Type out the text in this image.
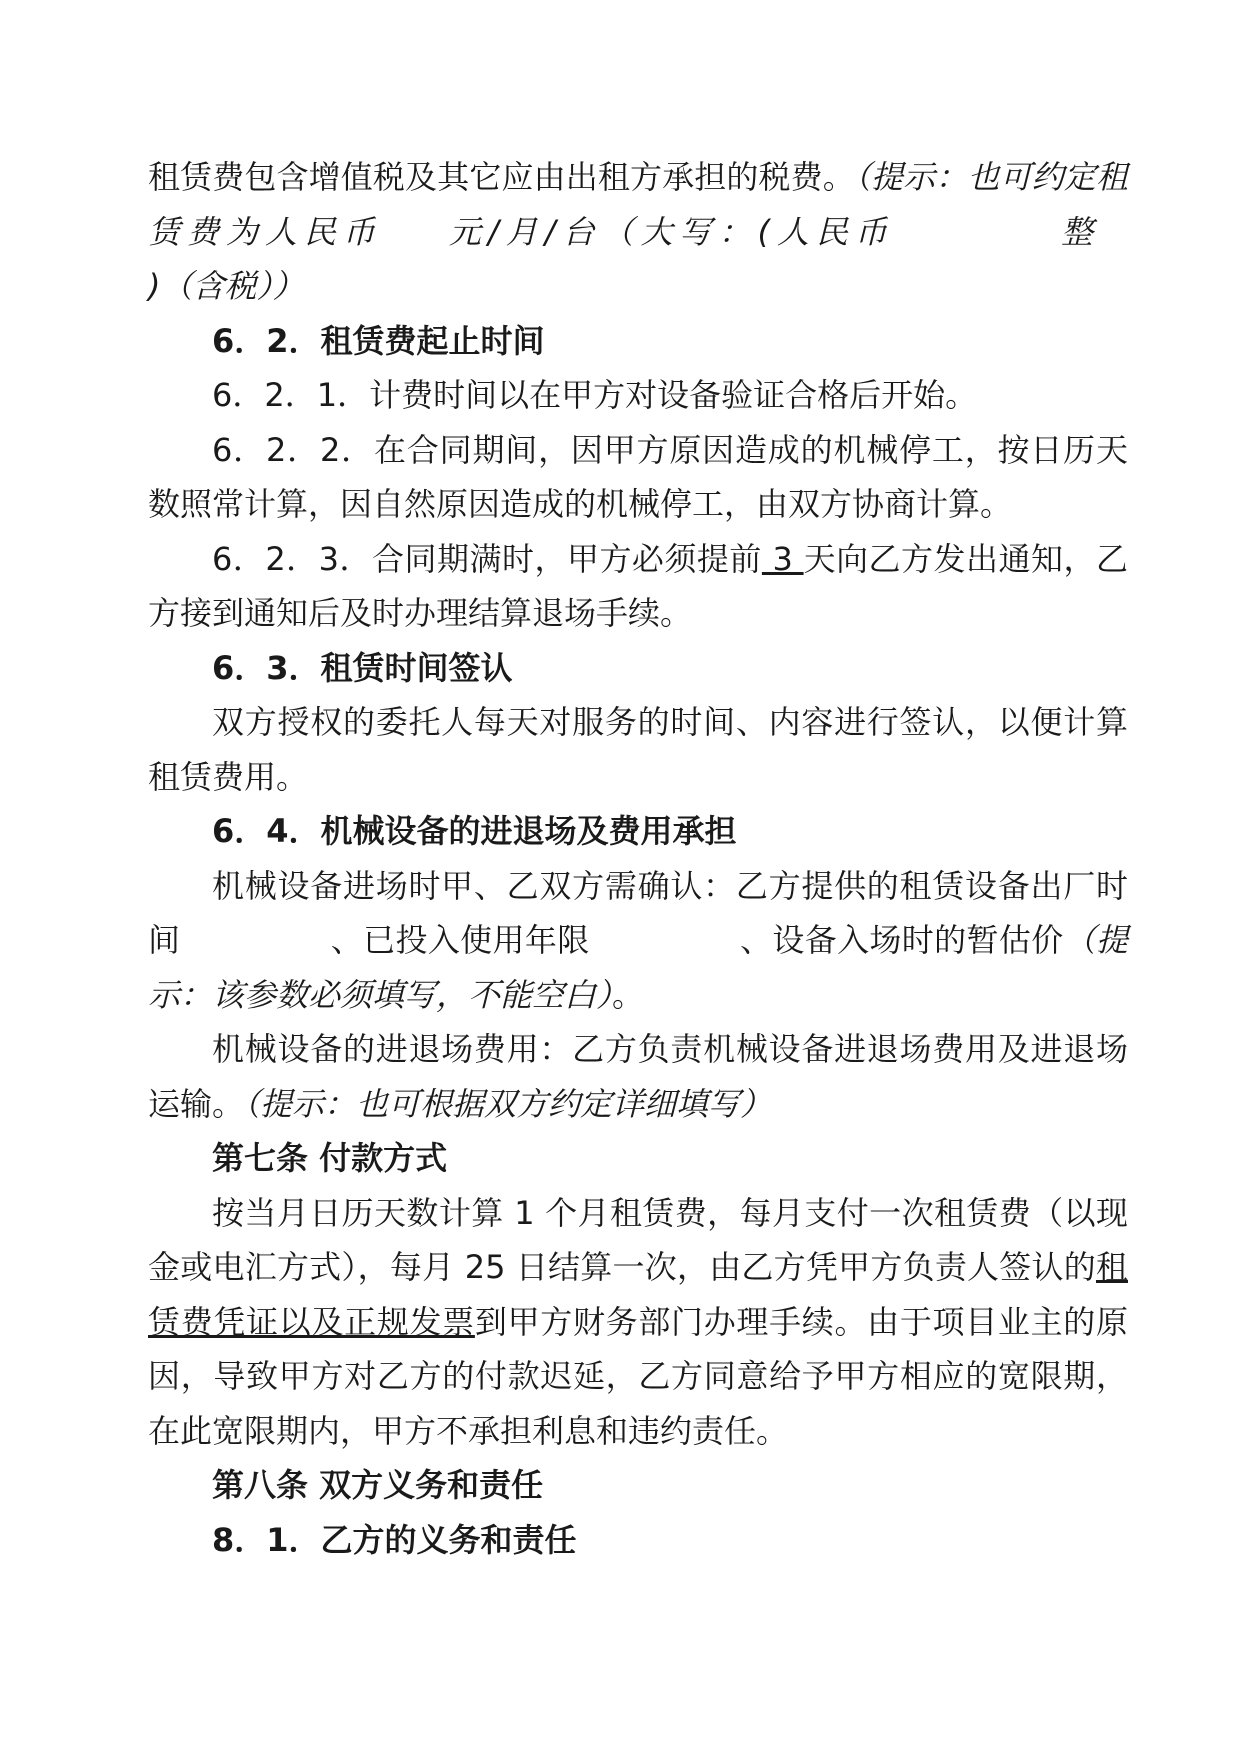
租赁费包含增值税及其它应由出租方承担的税费。（提示：也可约定租赁费为人民币 元/月/台（大写：(人民币	整)（含税））

6．2．租赁费起止时间

6．2．1．计费时间以在甲方对设备验证合格后开始。

6．2．2．在合同期间，因甲方原因造成的机械停工，按日历天数照常计算，因自然原因造成的机械停工，由双方协商计算。

6．2．3．合同期满时，甲方必须提前 3 天向乙方发出通知，乙方接到通知后及时办理结算退场手续。

6．3．租赁时间签认

双方授权的委托人每天对服务的时间、内容进行签认，以便计算租赁费用。

6．4．机械设备的进退场及费用承担

机械设备进场时甲、乙双方需确认：乙方提供的租赁设备出厂时间	、已投入使用年限	、设备入场时的暂估价（提示：该参数必须填写，不能空白）。

机械设备的进退场费用：乙方负责机械设备进退场费用及进退场运输。（提示：也可根据双方约定详细填写）

第七条 付款方式

按当月日历天数计算 1 个月租赁费，每月支付一次租赁费（以现金或电汇方式），每月 25 日结算一次，由乙方凭甲方负责人签认的租赁费凭证以及正规发票到甲方财务部门办理手续。由于项目业主的原因，导致甲方对乙方的付款迟延，乙方同意给予甲方相应的宽限期，在此宽限期内，甲方不承担利息和违约责任。

第八条 双方义务和责任

8．1．乙方的义务和责任
